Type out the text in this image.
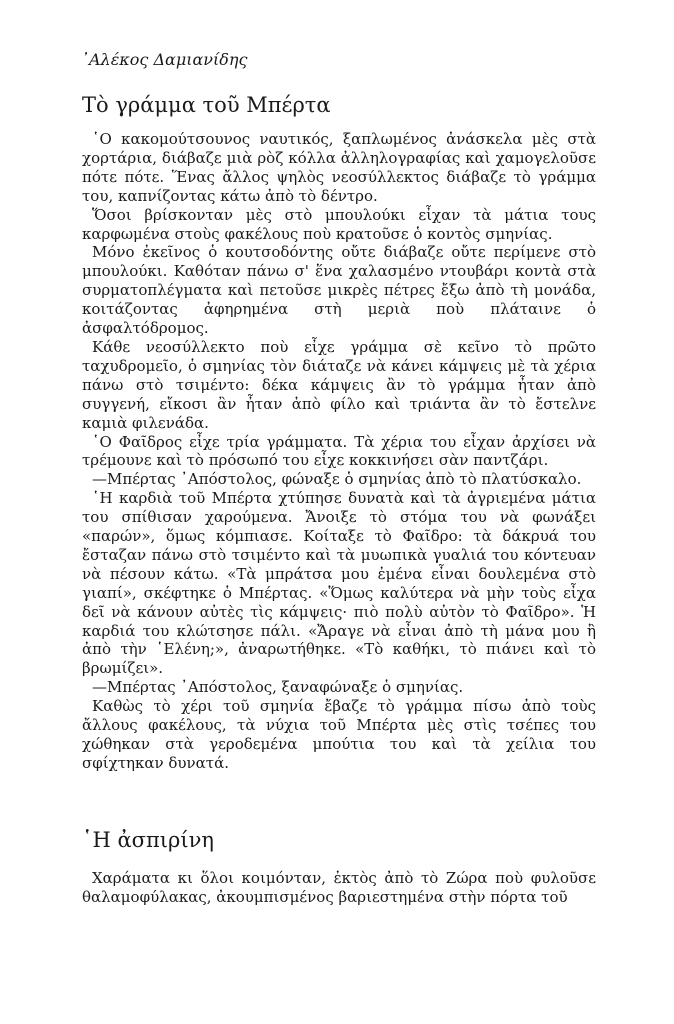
᾿Αλέκος Δαμιανίδης
Τὸ γράμμα τοῦ Μπέρτα

῾Ο κακομούτσουνος ναυτικός, ξαπλωμένος ἀνάσκελα μὲς στὰ χορτάρια, διάβαζε μιὰ ρὸζ κόλλα ἀλληλογραφίας καὶ χαμογελοῦσε πότε πότε. Ἕνας ἄλλος ψηλὸς νεοσύλλεκτος διάβαζε τὸ γράμμα του, καπνίζοντας κάτω ἀπὸ τὸ δέντρο.

Ὅσοι βρίσκονταν μὲς στὸ μπουλούκι εἶχαν τὰ μάτια τους καρφωμένα στοὺς φακέλους ποὺ κρατοῦσε ὁ κοντὸς σμηνίας.

Μόνο ἐκεῖνος ὁ κουτσοδόντης οὔτε διάβαζε οὔτε περίμενε στὸ μπουλούκι. Καθόταν πάνω σ' ἕνα χαλασμένο ντουβάρι κοντὰ στὰ συρματοπλέγματα καὶ πετοῦσε μικρὲς πέτρες ἔξω ἀπὸ τὴ μονάδα, κοιτάζοντας ἀφηρημένα στὴ μεριὰ ποὺ πλάταινε ὁ ἀσφαλτόδρομος.

Κάθε νεοσύλλεκτο ποὺ εἶχε γράμμα σὲ κεῖνο τὸ πρῶτο ταχυδρομεῖο, ὁ σμηνίας τὸν διάταζε νὰ κάνει κάμψεις μὲ τὰ χέρια πάνω στὸ τσιμέντο: δέκα κάμψεις ἂν τὸ γράμμα ἦταν ἀπὸ συγγενή, εἴκοσι ἂν ἦταν ἀπὸ φίλο καὶ τριάντα ἂν τὸ ἔστελνε καμιὰ φιλενάδα.

῾Ο Φαῖδρος εἶχε τρία γράμματα. Τὰ χέρια του εἶχαν ἀρχίσει νὰ τρέμουνε καὶ τὸ πρόσωπό του εἶχε κοκκινήσει σὰν παντζάρι.

—Μπέρτας ᾿Απόστολος, φώναξε ὁ σμηνίας ἀπὸ τὸ πλατύσκαλο.

῾Η καρδιὰ τοῦ Μπέρτα χτύπησε δυνατὰ καὶ τὰ ἀγριεμένα μάτια του σπίθισαν χαρούμενα. Ἄνοιξε τὸ στόμα του νὰ φωνάξει «παρών», ὅμως κόμπιασε. Κοίταξε τὸ Φαῖδρο: τὰ δάκρυά του ἔσταζαν πάνω στὸ τσιμέντο καὶ τὰ μυωπικὰ γυαλιά του κόντευαν νὰ πέσουν κάτω. «Τὰ μπράτσα μου ἐμένα εἶναι δουλεμένα στὸ γιαπί», σκέφτηκε ὁ Μπέρτας. «Ὅμως καλύτερα νὰ μὴν τοὺς εἶχα δεῖ νὰ κάνουν αὐτὲς τὶς κάμψεις· πιὸ πολὺ αὐτὸν τὸ Φαῖδρο». Ἡ καρδιά του κλώτσησε πάλι. «Ἄραγε νὰ εἶναι ἀπὸ τὴ μάνα μου ἢ ἀπὸ τὴν ῾Ελένη;», ἀναρωτήθηκε. «Τὸ καθήκι, τὸ πιάνει καὶ τὸ βρωμίζει».

—Μπέρτας ᾿Απόστολος, ξαναφώναξε ὁ σμηνίας.

Καθὼς τὸ χέρι τοῦ σμηνία ἔβαζε τὸ γράμμα πίσω ἀπὸ τοὺς ἄλλους φακέλους, τὰ νύχια τοῦ Μπέρτα μὲς στὶς τσέπες του χώθηκαν στὰ γεροδεμένα μπούτια του καὶ τὰ χείλια του σφίχτηκαν δυνατά.

῾Η ἀσπιρίνη

Χαράματα κι ὅλοι κοιμόνταν, ἐκτὸς ἀπὸ τὸ Ζώρα ποὺ φυλοῦσε θαλαμοφύλακας, ἀκουμπισμένος βαριεστημένα στὴν πόρτα τοῦ
